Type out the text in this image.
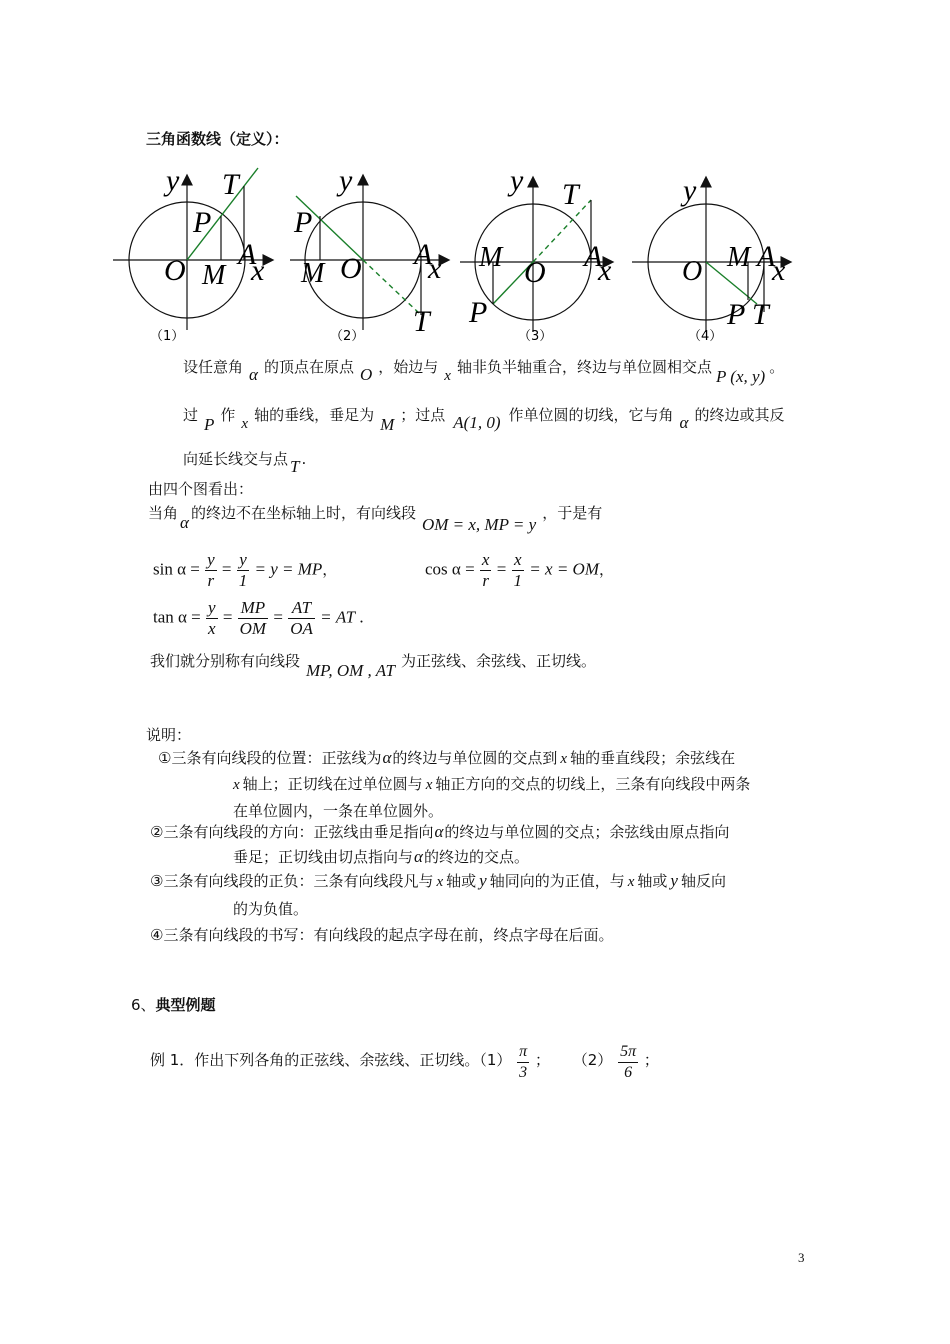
三角函数线（定义）：
y T
P
A
O M x
（1）
y
P
A
M O x
T
（2）
y T
M	A
O x
P
（3）
y
M A
O x
P T
（4）
设任意角 α 的顶点在原点 O ，始边与 x 轴非负半轴重合，终边与单位圆相交点 P (x, y) 。
过 P 作 x 轴的垂线，垂足为 M ；过点 A(1, 0) 作单位圆的切线，它与角 α 的终边或其反
向延长线交与点 T .
由四个图看出：
当角 α 的终边不在坐标轴上时，有向线段OM = x, MP = y，于是有
$\sin \alpha = \frac{y}{r} = \frac{y}{1} = y$ = MP，	$\cos \alpha = \frac{x}{r} = \frac{x}{1} = x$ = OM，
$\tan \alpha = \frac{y}{x} = \frac{MP}{OM} = \frac{AT}{OA}$ = AT .
我们就分别称有向线段 MP, OM , AT 为正弦线、余弦线、正切线。
说明：
①三条有向线段的位置：正弦线为α的终边与单位圆的交点到 x 轴的垂直线段；余弦线在
x 轴上；正切线在过单位圆与 x 轴正方向的交点的切线上，三条有向线段中两条
在单位圆内，一条在单位圆外。
②三条有向线段的方向：正弦线由垂足指向α的终边与单位圆的交点；余弦线由原点指向
垂足；正切线由切点指向与α的终边的交点。
③三条有向线段的正负：三条有向线段凡与 x 轴或 y 轴同向的为正值，与 x 轴或 y 轴反向
的为负值。
④三条有向线段的书写：有向线段的起点字母在前，终点字母在后面。
6、典型例题
例 1．作出下列各角的正弦线、余弦线、正切线。$(1) \frac{\pi}{3}$ ； $(2) \frac{5\pi}{6}$ ；
3
